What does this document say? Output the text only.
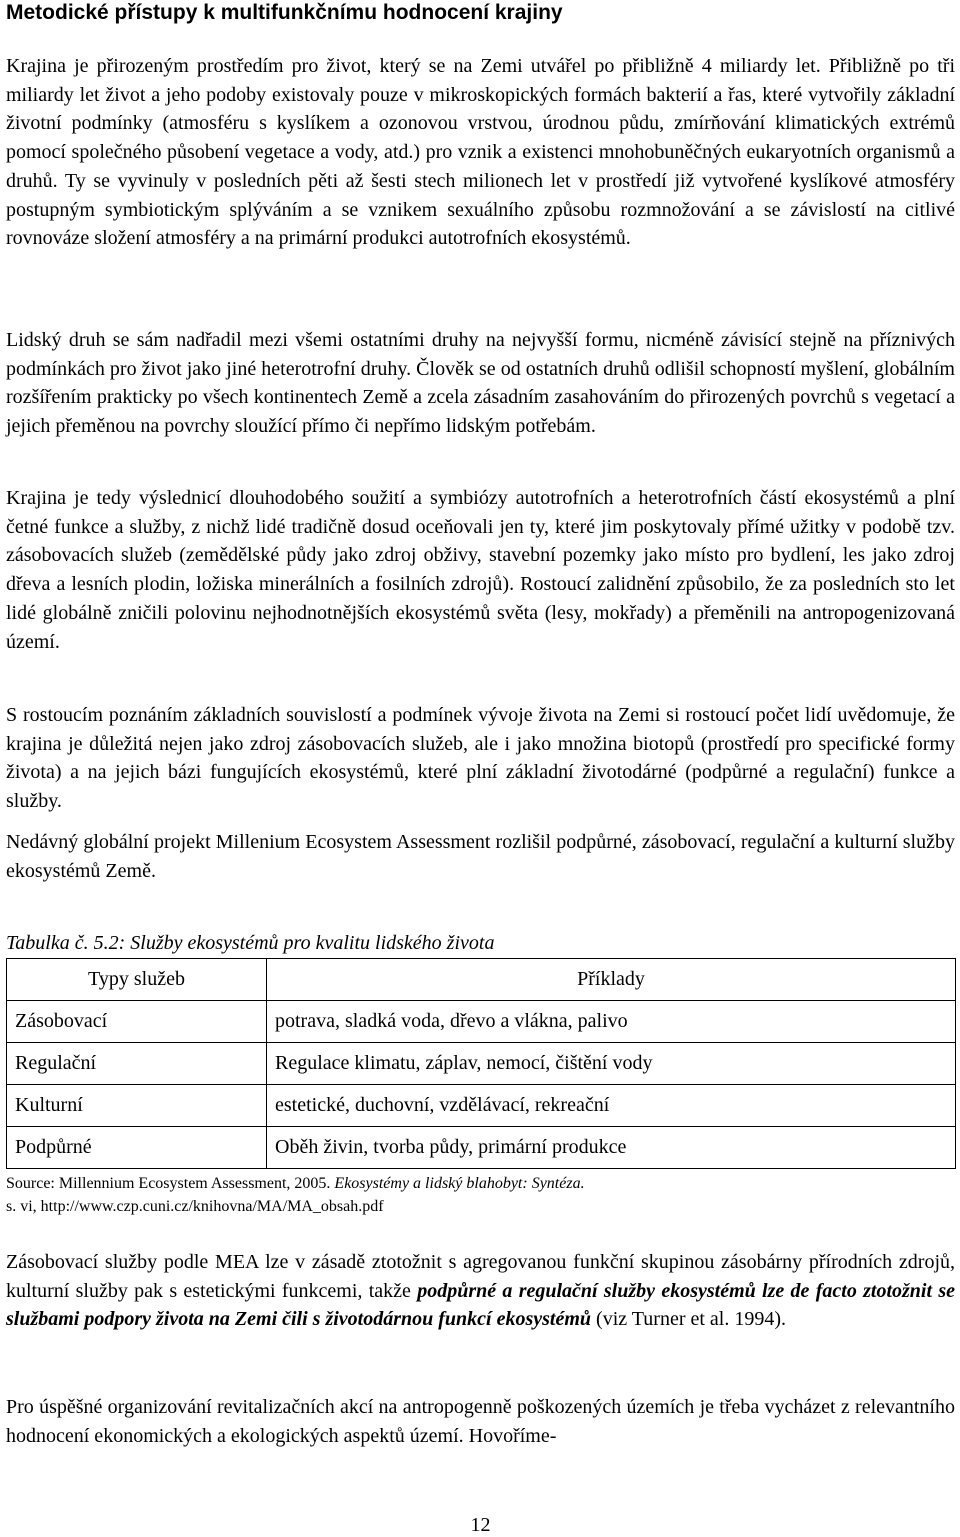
Metodické přístupy k multifunkčnímu hodnocení krajiny

Krajina je přirozeným prostředím pro život, který se na Zemi utvářel po přibližně 4 miliardy let. Přibližně po tři miliardy let život a jeho podoby existovaly pouze v mikroskopických formách bakterií a řas, které vytvořily základní životní podmínky (atmosféru s kyslíkem a ozonovou vrstvou, úrodnou půdu, zmírňování klimatických extrémů pomocí společného působení vegetace a vody, atd.) pro vznik a existenci mnohobuněčných eukaryotních organismů a druhů. Ty se vyvinuly v posledních pěti až šesti stech milionech let v prostředí již vytvořené kyslíkové atmosféry postupným symbiotickým splýváním a se vznikem sexuálního způsobu rozmnožování a se závislostí na citlivé rovnováze složení atmosféry a na primární produkci autotrofních ekosystémů.

Lidský druh se sám nadřadil mezi všemi ostatními druhy na nejvyšší formu, nicméně závisící stejně na příznivých podmínkách pro život jako jiné heterotrofní druhy. Člověk se od ostatních druhů odlišil schopností myšlení, globálním rozšířením prakticky po všech kontinentech Země a zcela zásadním zasahováním do přirozených povrchů s vegetací a jejich přeměnou na povrchy sloužící přímo či nepřímo lidským potřebám.

Krajina je tedy výslednicí dlouhodobého soužití a symbiózy autotrofních a heterotrofních částí ekosystémů a plní četné funkce a služby, z nichž lidé tradičně dosud oceňovali jen ty, které jim poskytovaly přímé užitky v podobě tzv. zásobovacích služeb (zemědělské půdy jako zdroj obživy, stavební pozemky jako místo pro bydlení, les jako zdroj dřeva a lesních plodin, ložiska minerálních a fosilních zdrojů). Rostoucí zalidnění způsobilo, že za posledních sto let lidé globálně zničili polovinu nejhodnotnějších ekosystémů světa (lesy, mokřady) a přeměnili na antropogenizovaná území.

S rostoucím poznáním základních souvislostí a podmínek vývoje života na Zemi si rostoucí počet lidí uvědomuje, že krajina je důležitá nejen jako zdroj zásobovacích služeb, ale i jako množina biotopů (prostředí pro specifické formy života) a na jejich bázi fungujících ekosystémů, které plní základní životodárné (podpůrné a regulační) funkce a služby.

Nedávný globální projekt Millenium Ecosystem Assessment rozlišil podpůrné, zásobovací, regulační a kulturní služby ekosystémů Země.

Tabulka č. 5.2: Služby ekosystémů pro kvalitu lidského života
Typy služeb	Příklady
Zásobovací	potrava, sladká voda, dřevo a vlákna, palivo
Regulační	Regulace klimatu, záplav, nemocí, čištění vody
Kulturní	estetické, duchovní, vzdělávací, rekreační
Podpůrné	Oběh živin, tvorba půdy, primární produkce
Source: Millennium Ecosystem Assessment, 2005. Ekosystémy a lidský blahobyt: Syntéza.
s. vi, http://www.czp.cuni.cz/knihovna/MA/MA_obsah.pdf

Zásobovací služby podle MEA lze v zásadě ztotožnit s agregovanou funkční skupinou zásobárny přírodních zdrojů, kulturní služby pak s estetickými funkcemi, takže podpůrné a regulační služby ekosystémů lze de facto ztotožnit se službami podpory života na Zemi čili s životodárnou funkcí ekosystémů (viz Turner et al. 1994).

Pro úspěšné organizování revitalizačních akcí na antropogenně poškozených územích je třeba vycházet z relevantního hodnocení ekonomických a ekologických aspektů území. Hovoříme-

12
